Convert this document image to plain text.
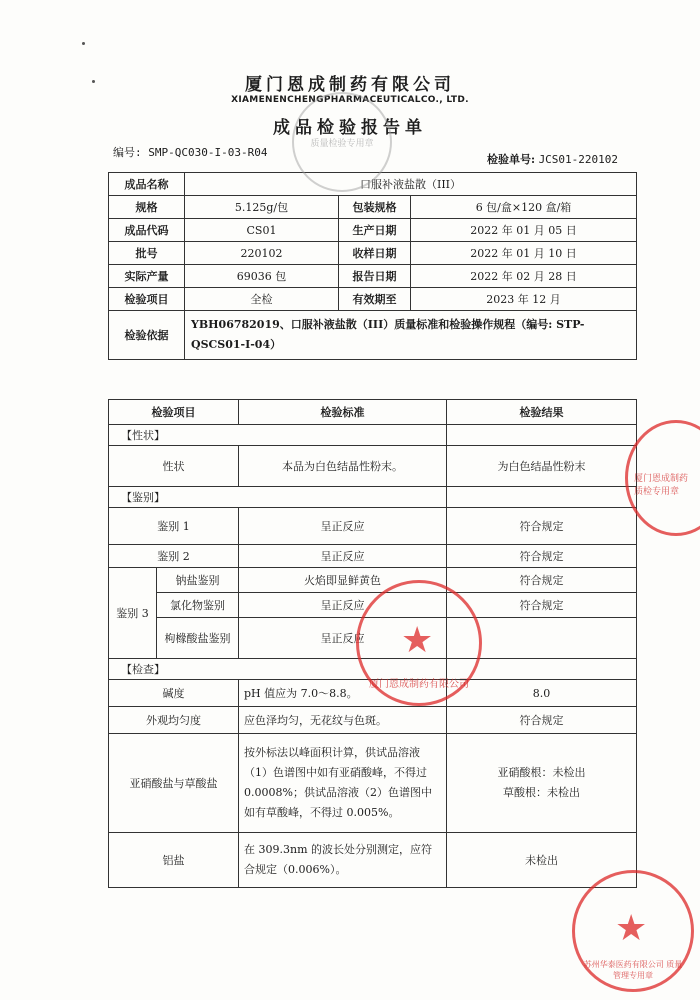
厦门恩成制药有限公司
XIAMENENCHENGPHARMACEUTICALCO., LTD.
成品检验报告单
编号: SMP-QC030-I-03-R04
检验单号: JCS01-220102
成品名称	口服补液盐散（III）		
规格	5.125g/包	包装规格	6 包/盒×120 盒/箱
成品代码	CS01	生产日期	2022 年 01 月 05 日
批号	220102	收样日期	2022 年 01 月 10 日
实际产量	69036 包	报告日期	2022 年 02 月 28 日
检验项目	全检	有效期至	2023 年 12 月
检验依据	YBH06782019、口服补液盐散（III）质量标准和检验操作规程（编号: STP-QSCS01-I-04）		
检验项目		检验标准	检验结果
【性状】			
性状		本品为白色结晶性粉末。	为白色结晶性粉末
【鉴别】			
鉴别 1		呈正反应	符合规定
鉴别 2		呈正反应	符合规定
鉴别 3	钠盐鉴别	火焰即显鲜黄色	符合规定
	氯化物鉴别	呈正反应	符合规定
	枸橼酸盐鉴别	呈正反应	
【检查】			
碱度		pH 值应为 7.0～8.8。	8.0
外观均匀度		应色泽均匀，无花纹与色斑。	符合规定
亚硝酸盐与草酸盐		按外标法以峰面积计算，供试品溶液（1）色谱图中如有亚硝酸峰，不得过 0.0008%；供试品溶液（2）色谱图中如有草酸峰，不得过 0.005%。	亚硝酸根：未检出
草酸根：未检出

铝盐		在 309.3nm 的波长处分别测定，应符合规定（0.006%）。	未检出
质量检验专用章
★
厦门恩成制药有限公司
厦门恩成制药 质检专用章
★
苏州华泰医药有限公司 质量管理专用章
